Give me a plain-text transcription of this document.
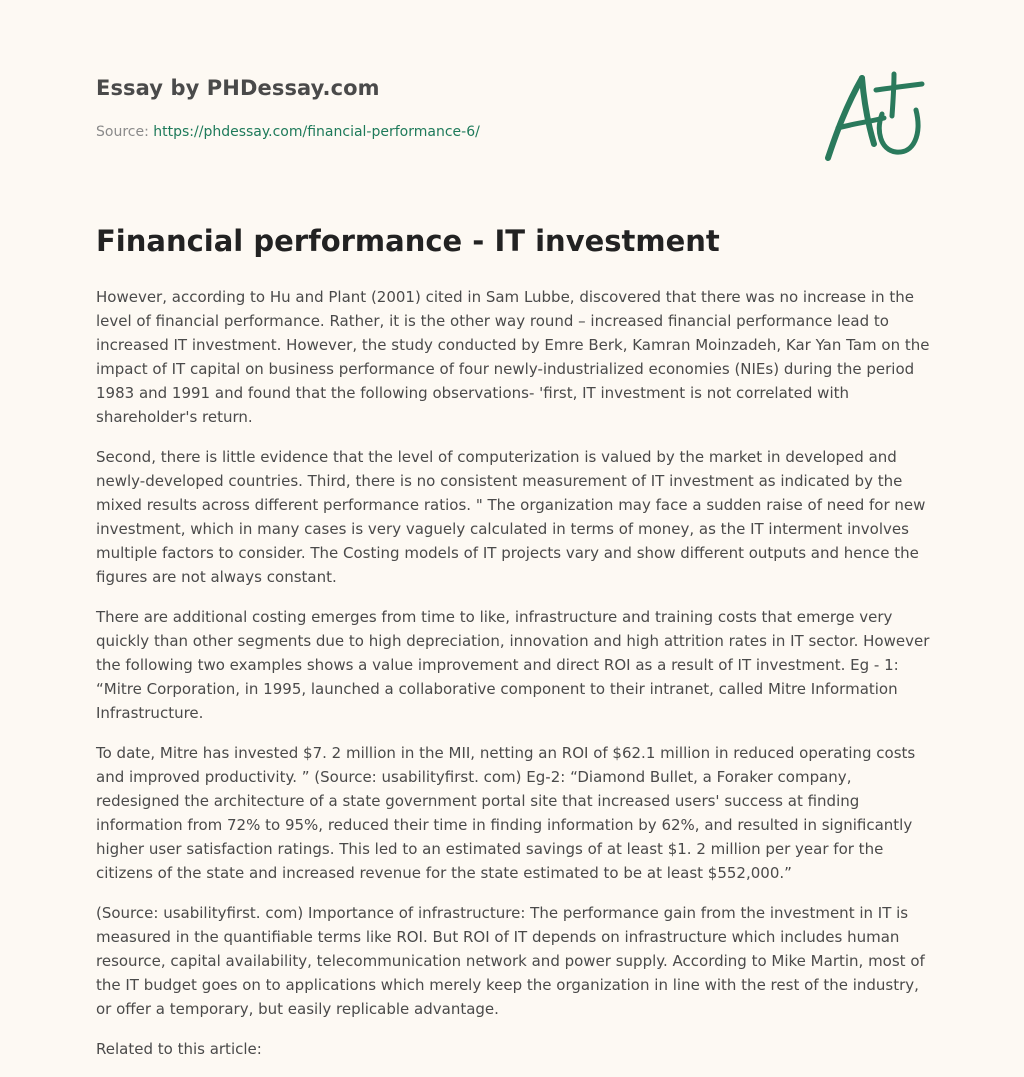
Essay by PHDessay.com
Source: https://phdessay.com/financial-performance-6/
Financial performance - IT investment

However, according to Hu and Plant (2001) cited in Sam Lubbe, discovered that there was no increase in the level of financial performance. Rather, it is the other way round – increased financial performance lead to increased IT investment. However, the study conducted by Emre Berk, Kamran Moinzadeh, Kar Yan Tam on the impact of IT capital on business performance of four newly-industrialized economies (NIEs) during the period 1983 and 1991 and found that the following observations- 'first, IT investment is not correlated with shareholder's return.

Second, there is little evidence that the level of computerization is valued by the market in developed and newly-developed countries. Third, there is no consistent measurement of IT investment as indicated by the mixed results across different performance ratios. " The organization may face a sudden raise of need for new investment, which in many cases is very vaguely calculated in terms of money, as the IT interment involves multiple factors to consider. The Costing models of IT projects vary and show different outputs and hence the figures are not always constant.

There are additional costing emerges from time to like, infrastructure and training costs that emerge very quickly than other segments due to high depreciation, innovation and high attrition rates in IT sector. However the following two examples shows a value improvement and direct ROI as a result of IT investment. Eg - 1: “Mitre Corporation, in 1995, launched a collaborative component to their intranet, called Mitre Information Infrastructure.

To date, Mitre has invested $7. 2 million in the MII, netting an ROI of $62.1 million in reduced operating costs and improved productivity. ” (Source: usabilityfirst. com) Eg-2: “Diamond Bullet, a Foraker company, redesigned the architecture of a state government portal site that increased users' success at finding information from 72% to 95%, reduced their time in finding information by 62%, and resulted in significantly higher user satisfaction ratings. This led to an estimated savings of at least $1. 2 million per year for the citizens of the state and increased revenue for the state estimated to be at least $552,000.”

(Source: usabilityfirst. com) Importance of infrastructure: The performance gain from the investment in IT is measured in the quantifiable terms like ROI. But ROI of IT depends on infrastructure which includes human resource, capital availability, telecommunication network and power supply. According to Mike Martin, most of the IT budget goes on to applications which merely keep the organization in line with the rest of the industry, or offer a temporary, but easily replicable advantage.

Related to this article:
